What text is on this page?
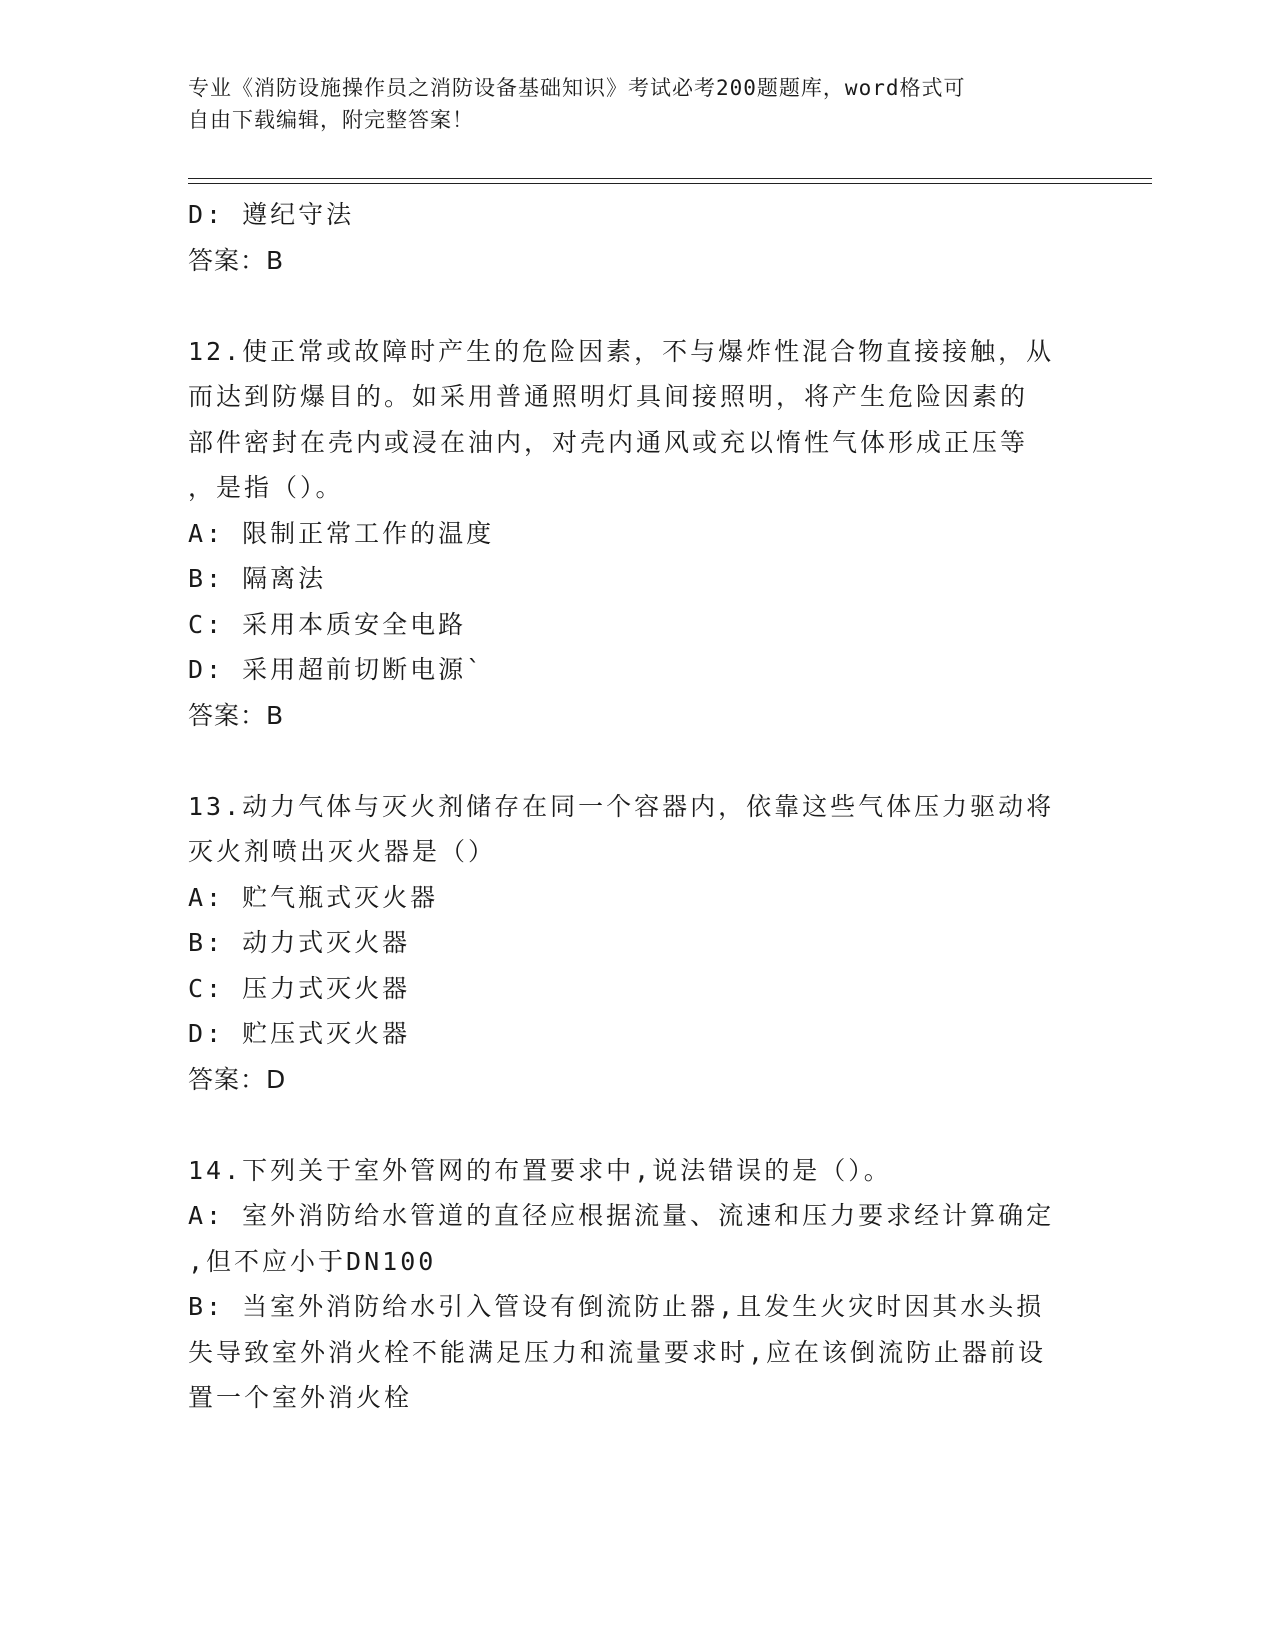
专业《消防设施操作员之消防设备基础知识》考试必考200题题库，word格式可
自由下载编辑，附完整答案！
D: 遵纪守法
答案：B
12.使正常或故障时产生的危险因素，不与爆炸性混合物直接接触，从
而达到防爆目的。如采用普通照明灯具间接照明，将产生危险因素的
部件密封在壳内或浸在油内，对壳内通风或充以惰性气体形成正压等
，是指（）。
A: 限制正常工作的温度
B: 隔离法
C: 采用本质安全电路
D: 采用超前切断电源`
答案：B
13.动力气体与灭火剂储存在同一个容器内，依靠这些气体压力驱动将
灭火剂喷出灭火器是（）
A: 贮气瓶式灭火器
B: 动力式灭火器
C: 压力式灭火器
D: 贮压式灭火器
答案：D
14.下列关于室外管网的布置要求中,说法错误的是（）。
A: 室外消防给水管道的直径应根据流量、流速和压力要求经计算确定
,但不应小于DN100
B: 当室外消防给水引入管设有倒流防止器,且发生火灾时因其水头损
失导致室外消火栓不能满足压力和流量要求时,应在该倒流防止器前设
置一个室外消火栓
